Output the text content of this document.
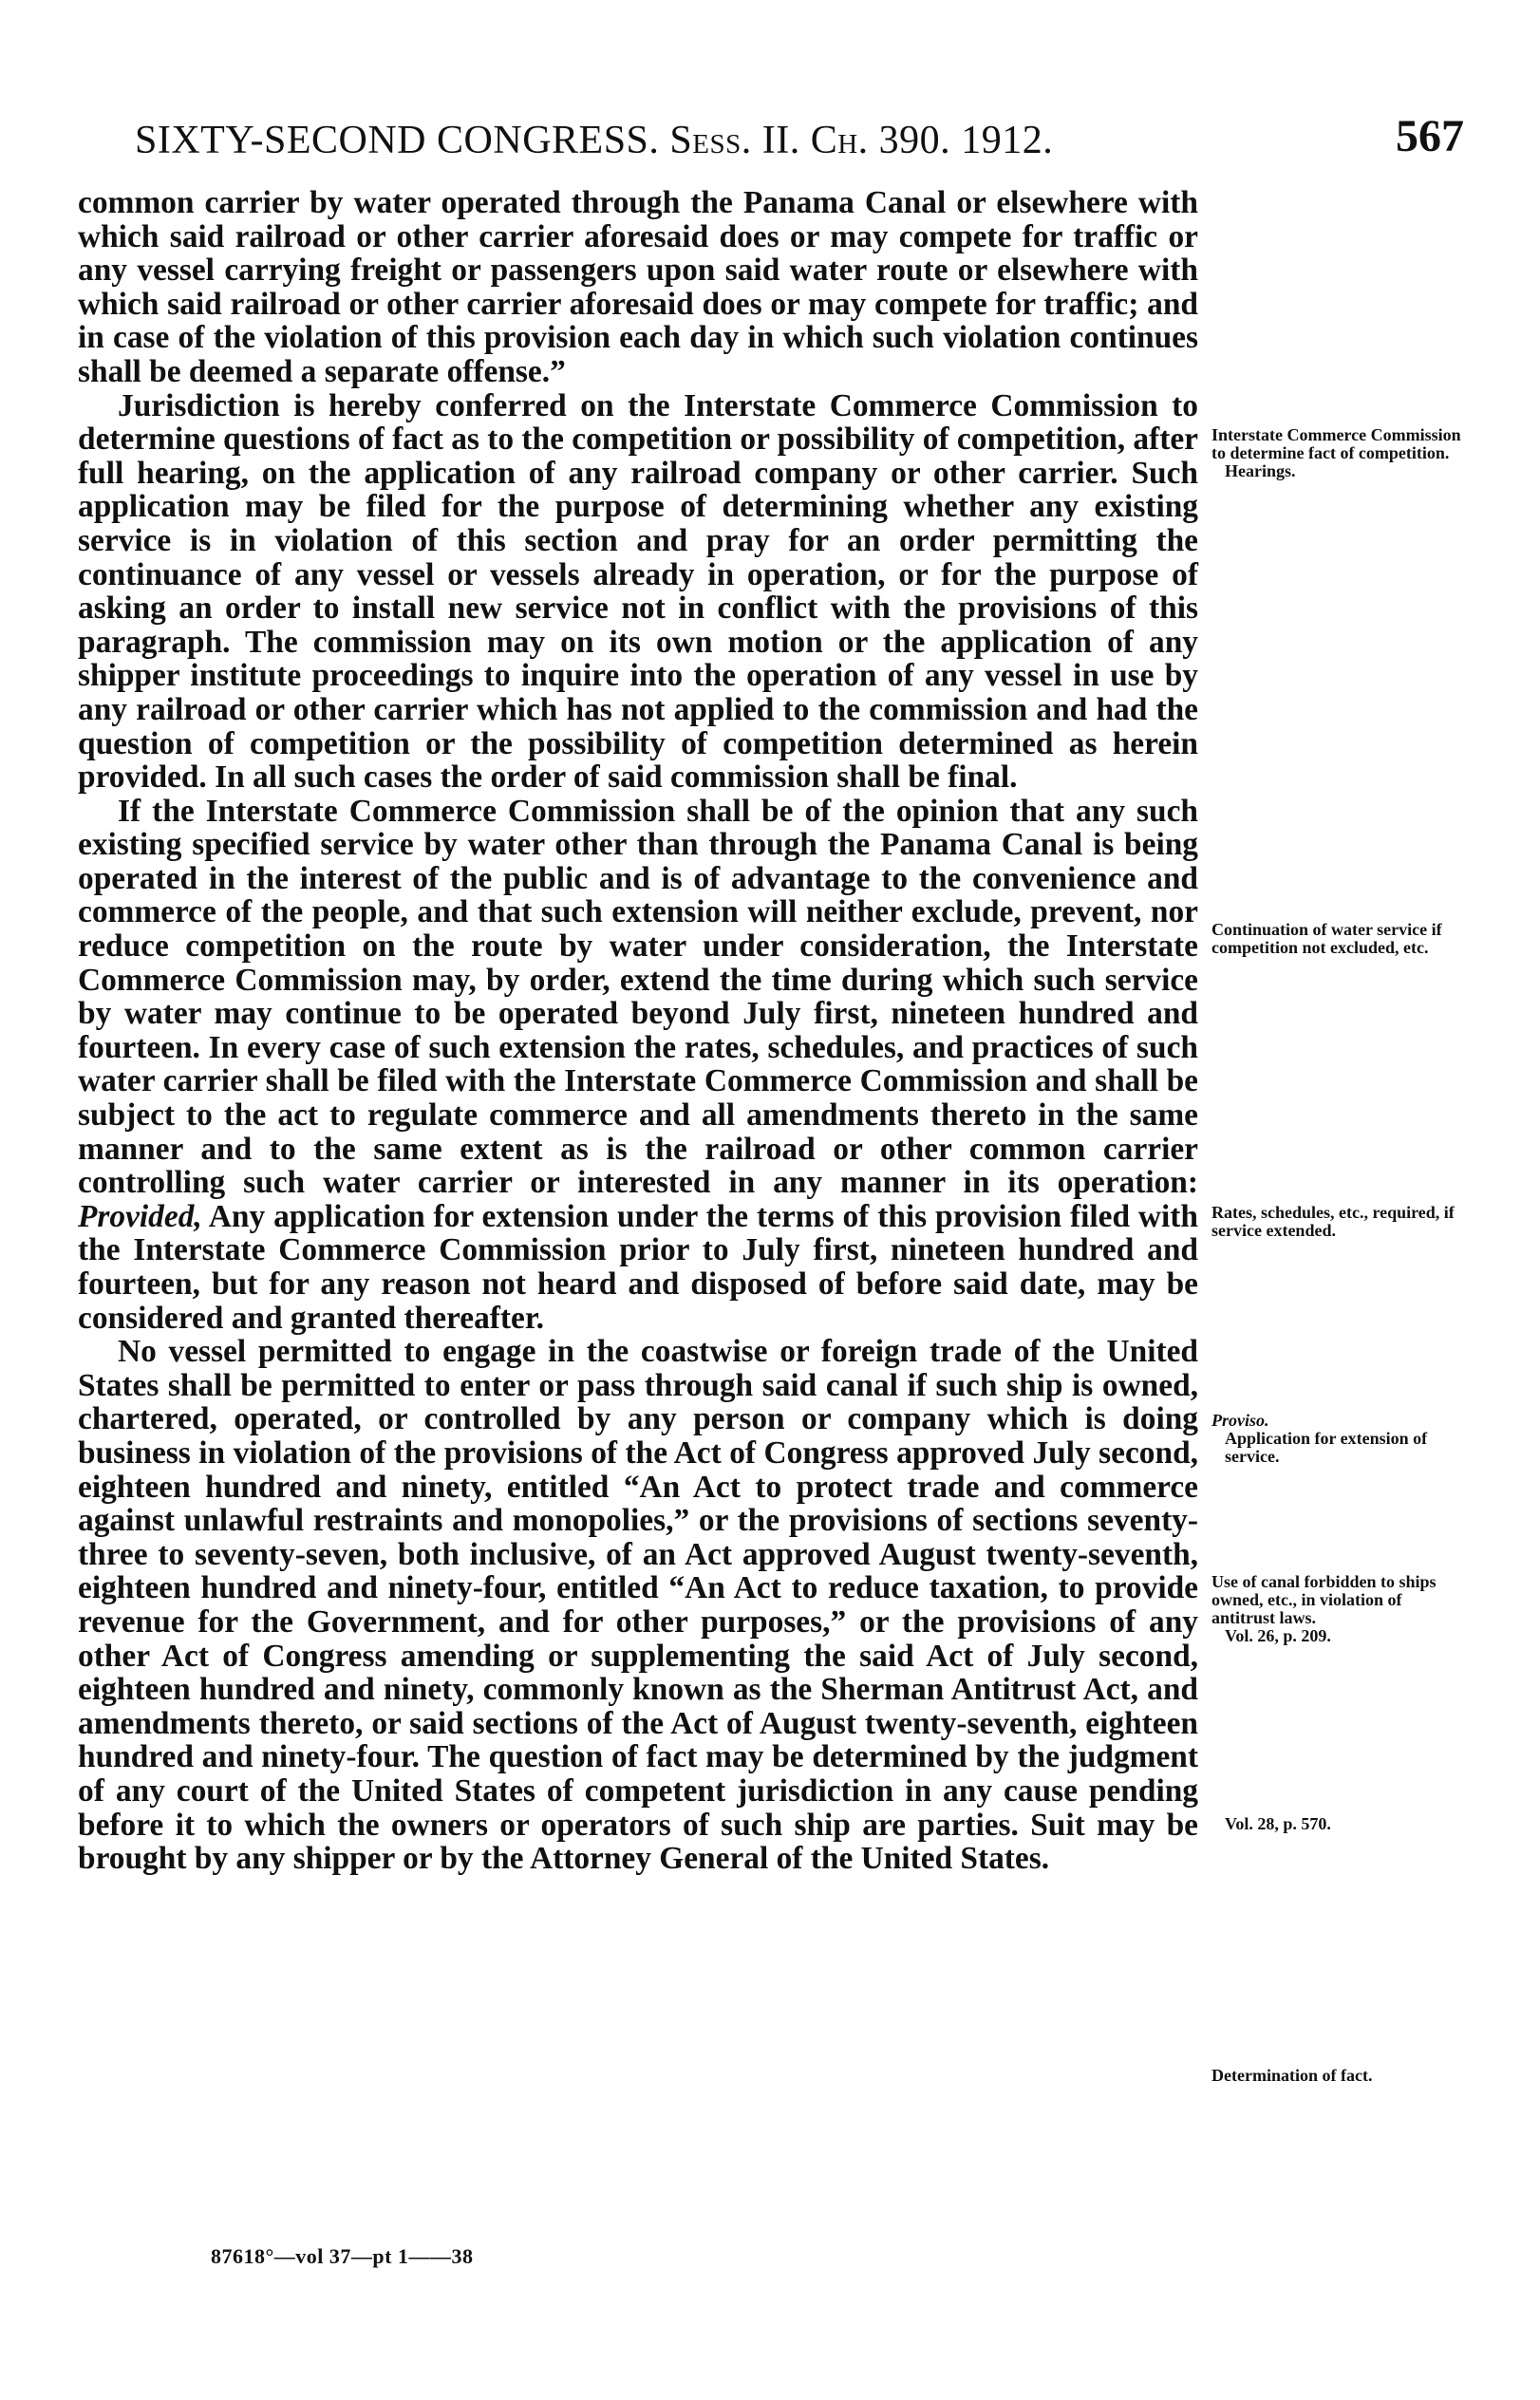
SIXTY-SECOND CONGRESS. Sess. II. Ch. 390. 1912.	567

common carrier by water operated through the Panama Canal or elsewhere with which said railroad or other carrier aforesaid does or may compete for traffic or any vessel carrying freight or passengers upon said water route or elsewhere with which said railroad or other carrier aforesaid does or may compete for traffic; and in case of the violation of this provision each day in which such violation continues shall be deemed a separate offense.”

Jurisdiction is hereby conferred on the Interstate Commerce Commission to determine questions of fact as to the competition or possibility of competition, after full hearing, on the application of any railroad company or other carrier. Such application may be filed for the purpose of determining whether any existing service is in violation of this section and pray for an order permitting the continuance of any vessel or vessels already in operation, or for the purpose of asking an order to install new service not in conflict with the provisions of this paragraph. The commission may on its own motion or the application of any shipper institute proceedings to inquire into the operation of any vessel in use by any railroad or other carrier which has not applied to the commission and had the question of competition or the possibility of competition determined as herein provided. In all such cases the order of said commission shall be final.

If the Interstate Commerce Commission shall be of the opinion that any such existing specified service by water other than through the Panama Canal is being operated in the interest of the public and is of advantage to the convenience and commerce of the people, and that such extension will neither exclude, prevent, nor reduce competition on the route by water under consideration, the Interstate Commerce Commission may, by order, extend the time during which such service by water may continue to be operated beyond July first, nineteen hundred and fourteen. In every case of such extension the rates, schedules, and practices of such water carrier shall be filed with the Interstate Commerce Commission and shall be subject to the act to regulate commerce and all amendments thereto in the same manner and to the same extent as is the railroad or other common carrier controlling such water carrier or interested in any manner in its operation: Provided, Any application for extension under the terms of this provision filed with the Interstate Commerce Commission prior to July first, nineteen hundred and fourteen, but for any reason not heard and disposed of before said date, may be considered and granted thereafter.

No vessel permitted to engage in the coastwise or foreign trade of the United States shall be permitted to enter or pass through said canal if such ship is owned, chartered, operated, or controlled by any person or company which is doing business in violation of the provisions of the Act of Congress approved July second, eighteen hundred and ninety, entitled “An Act to protect trade and commerce against unlawful restraints and monopolies,” or the provisions of sections seventy-three to seventy-seven, both inclusive, of an Act approved August twenty-seventh, eighteen hundred and ninety-four, entitled “An Act to reduce taxation, to provide revenue for the Government, and for other purposes,” or the provisions of any other Act of Congress amending or supplementing the said Act of July second, eighteen hundred and ninety, commonly known as the Sherman Antitrust Act, and amendments thereto, or said sections of the Act of August twenty-seventh, eighteen hundred and ninety-four. The question of fact may be determined by the judgment of any court of the United States of competent jurisdiction in any cause pending before it to which the owners or operators of such ship are parties. Suit may be brought by any shipper or by the Attorney General of the United States.

Interstate Commerce Commission to determine fact of competition.
Hearings.
Continuation of water service if competition not excluded, etc.
Rates, schedules, etc., required, if service extended.
Proviso.
Application for extension of service.
Use of canal forbidden to ships owned, etc., in violation of antitrust laws.
Vol. 26, p. 209.
Vol. 28, p. 570.
Determination of fact.
87618°—vol 37—pt 1——38
